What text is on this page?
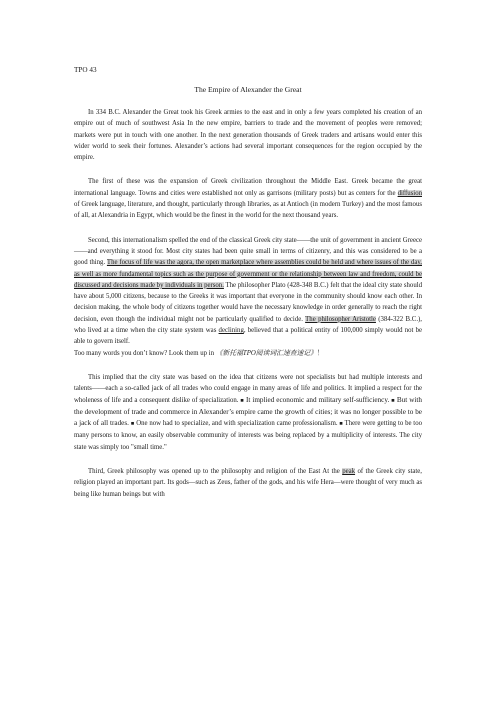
TPO 43
The Empire of Alexander the Great

In 334 B.C. Alexander the Great took his Greek armies to the east and in only a few years completed his creation of an empire out of much of southwest Asia In the new empire, barriers to trade and the movement of peoples were removed; markets were put in touch with one another. In the next generation thousands of Greek traders and artisans would enter this wider world to seek their fortunes. Alexander’s actions had several important consequences for the region occupied by the empire.

The first of these was the expansion of Greek civilization throughout the Middle East. Greek became the great international language. Towns and cities were established not only as garrisons (military posts) but as centers for the diffusion of Greek language, literature, and thought, particularly through libraries, as at Antioch (in modern Turkey) and the most famous of all, at Alexandria in Egypt, which would be the finest in the world for the next thousand years.

Second, this internationalism spelled the end of the classical Greek city state——the unit of government in ancient Greece——and everything it stood for. Most city states had been quite small in terms of citizenry, and this was considered to be a good thing. The focus of life was the agora, the open marketplace where assemblies could be held and where issues of the day, as well as more fundamental topics such as the purpose of government or the relationship between law and freedom, could be discussed and decisions made by individuals in person. The philosopher Plato (428-348 B.C.) felt that the ideal city state should have about 5,000 citizens, because to the Greeks it was important that everyone in the community should know each other. In decision making, the whole body of citizens together would have the necessary knowledge in order generally to reach the right decision, even though the individual might not be particularly qualified to decide. The philosopher Aristotle (384-322 B.C.), who lived at a time when the city state system was declining, believed that a political entity of 100,000 simply would not be able to govern itself.

Too many words you don’t know? Look them up in 《新托福TPO阅读词汇速查速记》！

This implied that the city state was based on the idea that citizens were not specialists but had multiple interests and talents——each a so-called jack of all trades who could engage in many areas of life and politics. It implied a respect for the wholeness of life and a consequent dislike of specialization. ■ It implied economic and military self-sufficiency. ■ But with the development of trade and commerce in Alexander’s empire came the growth of cities; it was no longer possible to be a jack of all trades. ■ One now had to specialize, and with specialization came professionalism. ■ There were getting to be too many persons to know, an easily observable community of interests was being replaced by a multiplicity of interests. The city state was simply too "small time."

Third, Greek philosophy was opened up to the philosophy and religion of the East At the peak of the Greek city state, religion played an important part. Its gods—such as Zeus, father of the gods, and his wife Hera—were thought of very much as being like human beings but with
